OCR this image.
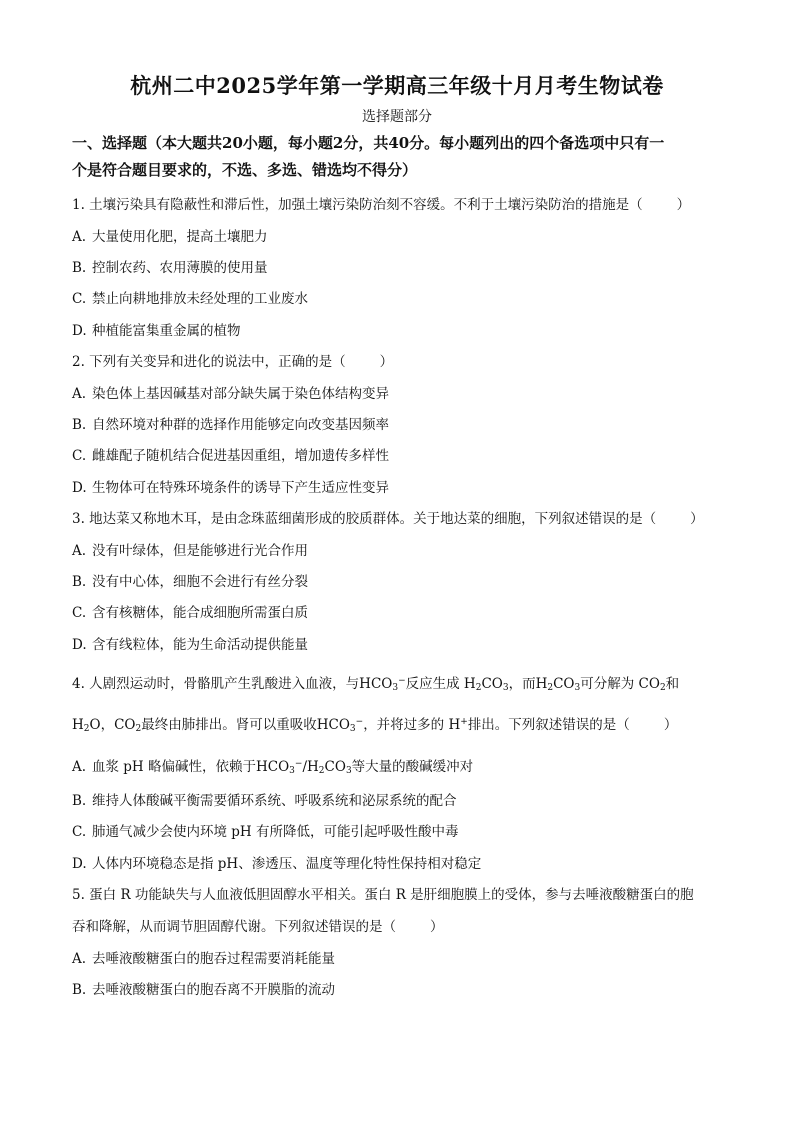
杭州二中2025学年第一学期高三年级十月月考生物试卷
选择题部分
一、选择题（本大题共20小题，每小题2分，共40分。每小题列出的四个备选项中只有一
个是符合题目要求的，不选、多选、错选均不得分）
1. 土壤污染具有隐蔽性和滞后性，加强土壤污染防治刻不容缓。不利于土壤污染防治的措施是（	）
A. 大量使用化肥，提高土壤肥力
B. 控制农药、农用薄膜的使用量
C. 禁止向耕地排放未经处理的工业废水
D. 种植能富集重金属的植物
2. 下列有关变异和进化的说法中，正确的是（	）
A. 染色体上基因碱基对部分缺失属于染色体结构变异
B. 自然环境对种群的选择作用能够定向改变基因频率
C. 雌雄配子随机结合促进基因重组，增加遗传多样性
D. 生物体可在特殊环境条件的诱导下产生适应性变异
3. 地达菜又称地木耳，是由念珠蓝细菌形成的胶质群体。关于地达菜的细胞，下列叙述错误的是（	）
A. 没有叶绿体，但是能够进行光合作用
B. 没有中心体，细胞不会进行有丝分裂
C. 含有核糖体，能合成细胞所需蛋白质
D. 含有线粒体，能为生命活动提供能量
4. 人剧烈运动时，骨骼肌产生乳酸进入血液，与$HCO_3^-$反应生成 $H_2CO_3$，而$H_2CO_3$可分解为 $CO_2$和
$H_2O$，$CO_2$最终由肺排出。肾可以重吸收$HCO_3^-$，并将过多的 H+排出。下列叙述错误的是（	）
A. 血浆 pH 略偏碱性，依赖于$HCO_3^-/H_2CO_3$等大量的酸碱缓冲对
B. 维持人体酸碱平衡需要循环系统、呼吸系统和泌尿系统的配合
C. 肺通气减少会使内环境 pH 有所降低，可能引起呼吸性酸中毒
D. 人体内环境稳态是指 pH、渗透压、温度等理化特性保持相对稳定
5. 蛋白 R 功能缺失与人血液低胆固醇水平相关。蛋白 R 是肝细胞膜上的受体，参与去唾液酸糖蛋白的胞
吞和降解，从而调节胆固醇代谢。下列叙述错误的是（	）
A. 去唾液酸糖蛋白的胞吞过程需要消耗能量
B. 去唾液酸糖蛋白的胞吞离不开膜脂的流动
